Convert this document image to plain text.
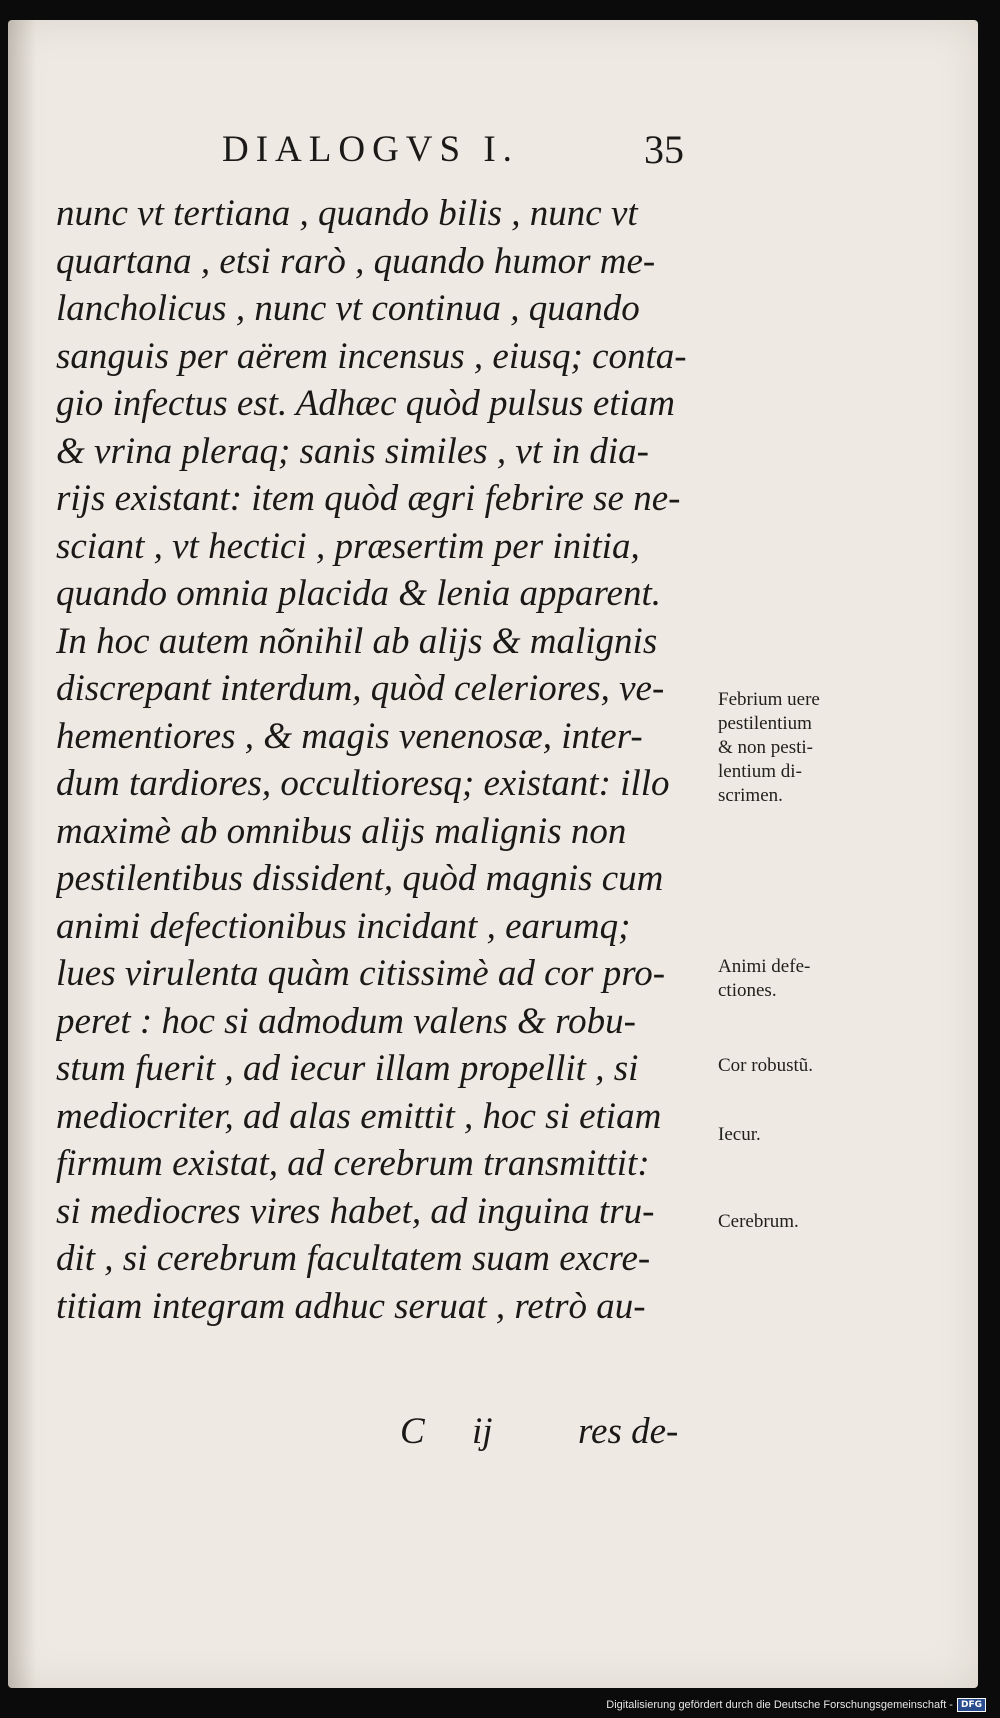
DIALOGVS I.	35
nunc vt tertiana , quando bilis , nunc vt
quartana , etsi rarò , quando humor me-
lancholicus , nunc vt continua , quando
sanguis per aërem incensus , eiusq; conta-
gio infectus est. Adhæc quòd pulsus etiam
& vrina pleraq; sanis similes , vt in dia-
rijs existant: item quòd ægri febrire se ne-
sciant , vt hectici , præsertim per initia,
quando omnia placida & lenia apparent.
In hoc autem nõnihil ab alijs & malignis
discrepant interdum, quòd celeriores, ve-
hementiores , & magis venenosæ, inter-
dum tardiores, occultioresq; existant: illo
maximè ab omnibus alijs malignis non
pestilentibus dissident, quòd magnis cum
animi defectionibus incidant , earumq;
lues virulenta quàm citissimè ad cor pro-
peret : hoc si admodum valens & robu-
stum fuerit , ad iecur illam propellit , si
mediocriter, ad alas emittit , hoc si etiam
firmum existat, ad cerebrum transmittit:
si mediocres vires habet, ad inguina tru-
dit , si cerebrum facultatem suam excre-
titiam integram adhuc seruat , retrò au-
C ij res de-
Febrium uere
pestilentium
& non pesti-
lentium di-
scrimen.
Animi defe-
ctiones.
Cor robustũ.
Iecur.
Cerebrum.
Digitalisierung gefördert durch die Deutsche Forschungsgemeinschaft - DFG
